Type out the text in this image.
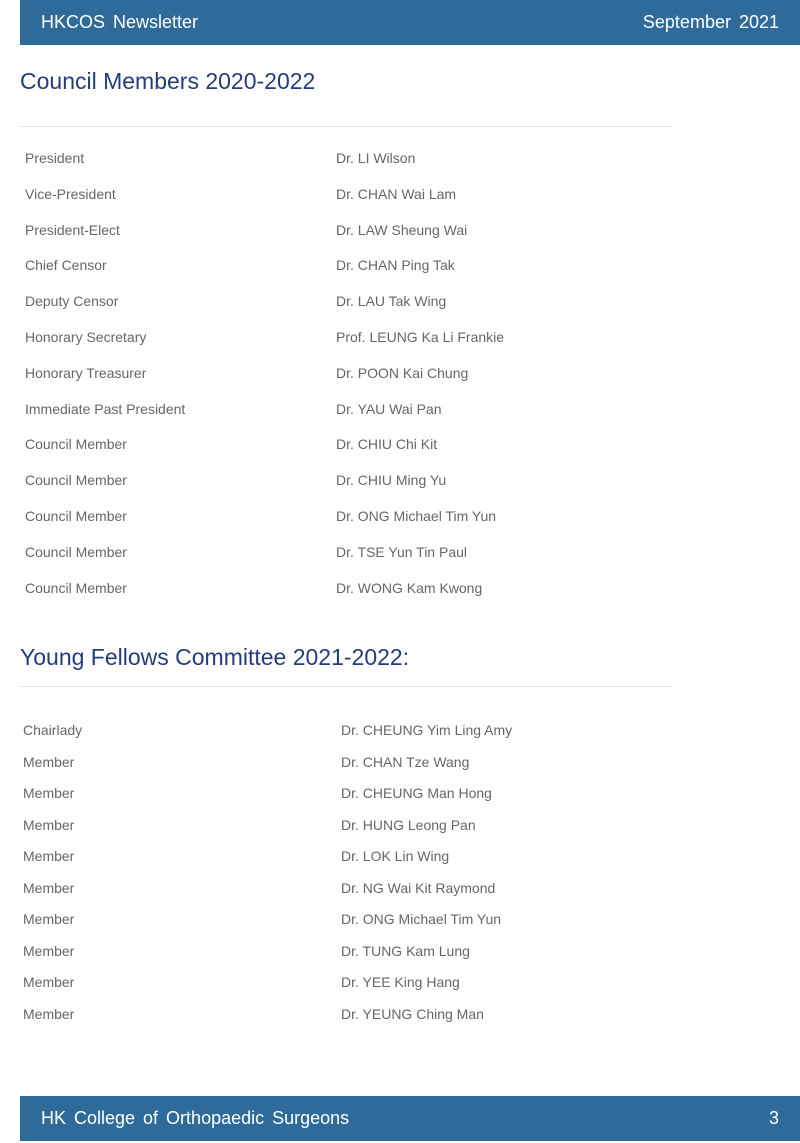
HKCOS Newsletter	September 2021
Council Members 2020-2022
President	Dr. LI Wilson
Vice-President	Dr. CHAN Wai Lam
President-Elect	Dr. LAW Sheung Wai
Chief Censor	Dr. CHAN Ping Tak
Deputy Censor	Dr. LAU Tak Wing
Honorary Secretary	Prof. LEUNG Ka Li Frankie
Honorary Treasurer	Dr. POON Kai Chung
Immediate Past President	Dr. YAU Wai Pan
Council Member	Dr. CHIU Chi Kit
Council Member	Dr. CHIU Ming Yu
Council Member	Dr. ONG Michael Tim Yun
Council Member	Dr. TSE Yun Tin Paul
Council Member	Dr. WONG Kam Kwong
Young Fellows Committee 2021-2022:
Chairlady	Dr. CHEUNG Yim Ling Amy
Member	Dr. CHAN Tze Wang
Member	Dr. CHEUNG Man Hong
Member	Dr. HUNG Leong Pan
Member	Dr. LOK Lin Wing
Member	Dr. NG Wai Kit Raymond
Member	Dr. ONG Michael Tim Yun
Member	Dr. TUNG Kam Lung
Member	Dr. YEE King Hang
Member	Dr. YEUNG Ching Man
HK College of Orthopaedic Surgeons	3
